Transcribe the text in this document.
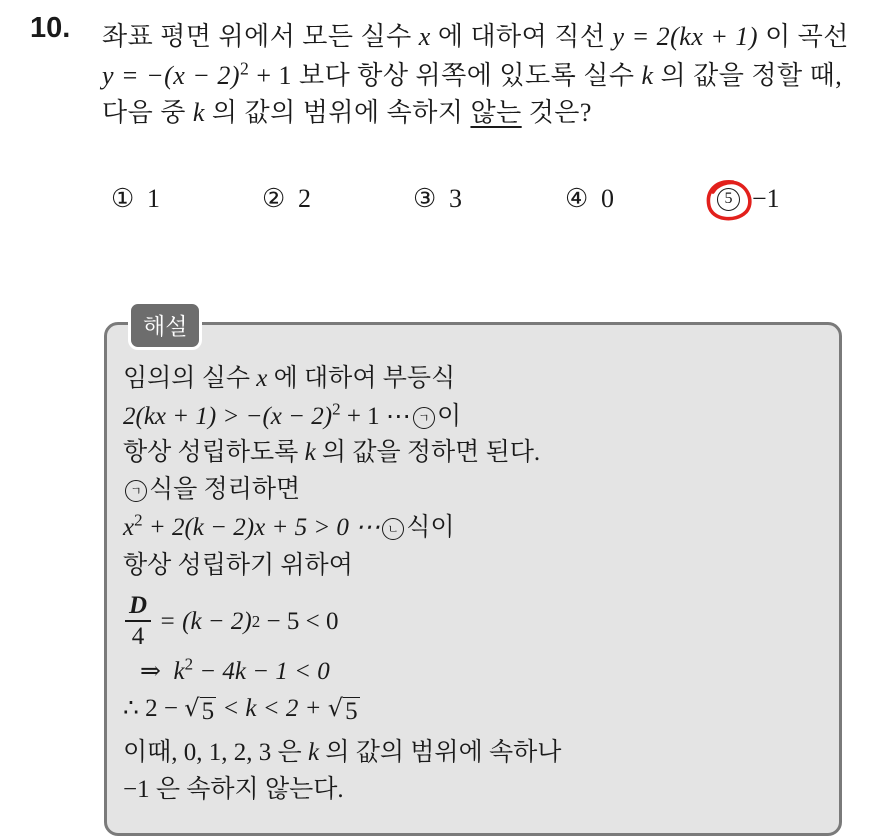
10. 좌표 평면 위에서 모든 실수 x 에 대하여 직선 y = 2(kx + 1) 이 곡선
$y = -(x - 2)^2 + 1$ 보다 항상 위쪽에 있도록 실수 k 의 값을 정할 때,
다음 중 k 의 값의 범위에 속하지 않는 것은?
① 1	② 2	③ 3	④ 0	5 −1
해설
임의의 실수 x 에 대하여 부등식
$2(kx + 1) > -(x - 2)^2 + 1$ ⋯ ㄱ 이
항상 성립하도록 k 의 값을 정하면 된다.
ㄱ 식을 정리하면
$x^2 + 2(k - 2)x + 5 > 0$ ⋯ ㄴ 식이
항상 성립하기 위하여
$\frac{D}{4} = (k - 2)$ 2
− 5 < 0
⇒ $k^2 - 4k - 1 < 0$
∴ 2 − √ 5 < k < 2 + √ 5
이때, 0, 1, 2, 3 은 k 의 값의 범위에 속하나
−1 은 속하지 않는다.
